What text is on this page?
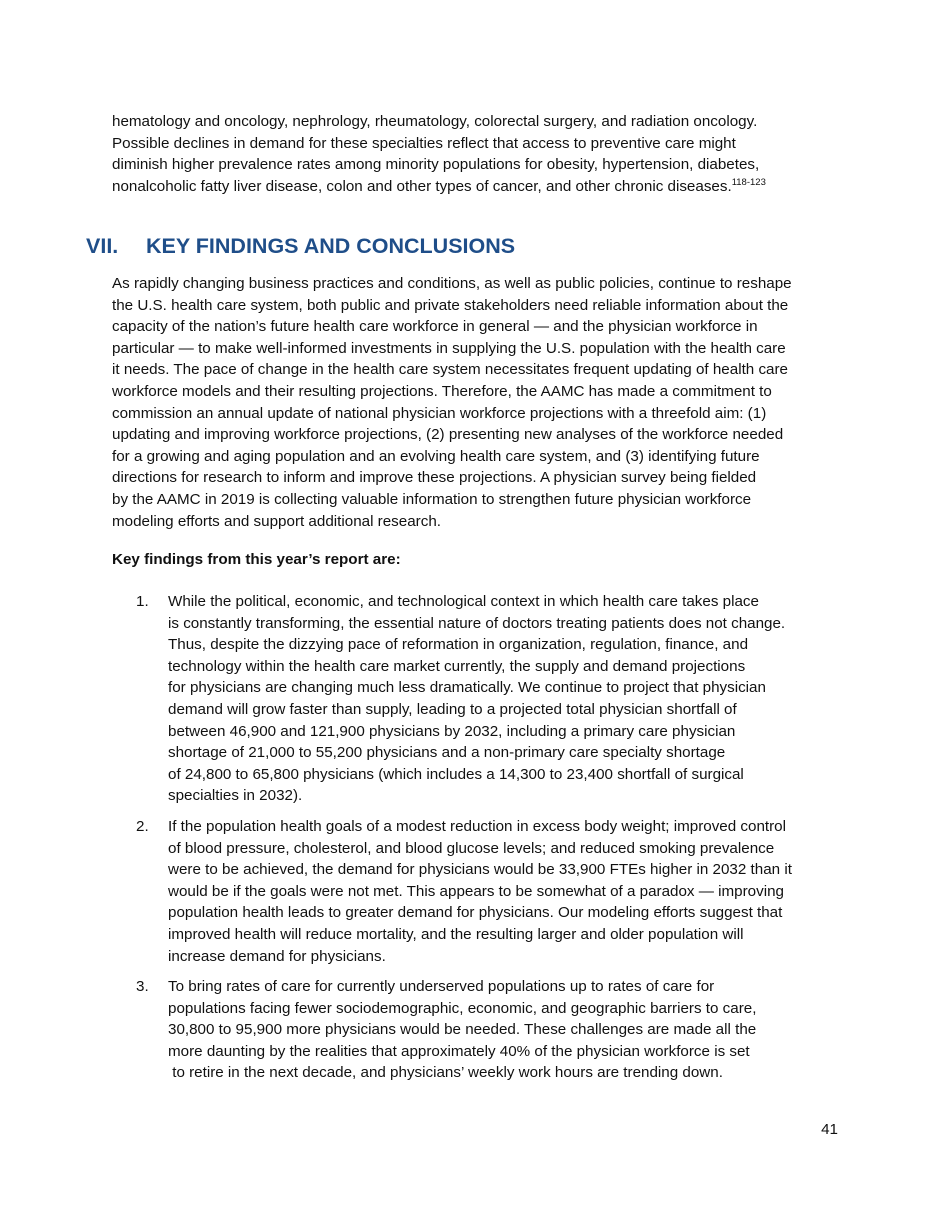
hematology and oncology, nephrology, rheumatology, colorectal surgery, and radiation oncology.
Possible declines in demand for these specialties reflect that access to preventive care might
diminish higher prevalence rates among minority populations for obesity, hypertension, diabetes,
nonalcoholic fatty liver disease, colon and other types of cancer, and other chronic diseases.$^{118-123}$
VII. KEY FINDINGS AND CONCLUSIONS
As rapidly changing business practices and conditions, as well as public policies, continue to reshape
the U.S. health care system, both public and private stakeholders need reliable information about the
capacity of the nation’s future health care workforce in general — and the physician workforce in
particular — to make well-informed investments in supplying the U.S. population with the health care
it needs. The pace of change in the health care system necessitates frequent updating of health care
workforce models and their resulting projections. Therefore, the AAMC has made a commitment to
commission an annual update of national physician workforce projections with a threefold aim: (1)
updating and improving workforce projections, (2) presenting new analyses of the workforce needed
for a growing and aging population and an evolving health care system, and (3) identifying future
directions for research to inform and improve these projections. A physician survey being fielded
by the AAMC in 2019 is collecting valuable information to strengthen future physician workforce
modeling efforts and support additional research.

Key findings from this year’s report are:

1.	While the political, economic, and technological context in which health care takes place
is constantly transforming, the essential nature of doctors treating patients does not change.
Thus, despite the dizzying pace of reformation in organization, regulation, finance, and
technology within the health care market currently, the supply and demand projections
for physicians are changing much less dramatically. We continue to project that physician
demand will grow faster than supply, leading to a projected total physician shortfall of
between 46,900 and 121,900 physicians by 2032, including a primary care physician
shortage of 21,000 to 55,200 physicians and a non-primary care specialty shortage
of 24,800 to 65,800 physicians (which includes a 14,300 to 23,400 shortfall of surgical
specialties in 2032).
2.	If the population health goals of a modest reduction in excess body weight; improved control
of blood pressure, cholesterol, and blood glucose levels; and reduced smoking prevalence
were to be achieved, the demand for physicians would be 33,900 FTEs higher in 2032 than it
would be if the goals were not met. This appears to be somewhat of a paradox — improving
population health leads to greater demand for physicians. Our modeling efforts suggest that
improved health will reduce mortality, and the resulting larger and older population will
increase demand for physicians.
3.	To bring rates of care for currently underserved populations up to rates of care for
populations facing fewer sociodemographic, economic, and geographic barriers to care,
30,800 to 95,900 more physicians would be needed. These challenges are made all the
more daunting by the realities that approximately 40% of the physician workforce is set
to retire in the next decade, and physicians’ weekly work hours are trending down.

41
